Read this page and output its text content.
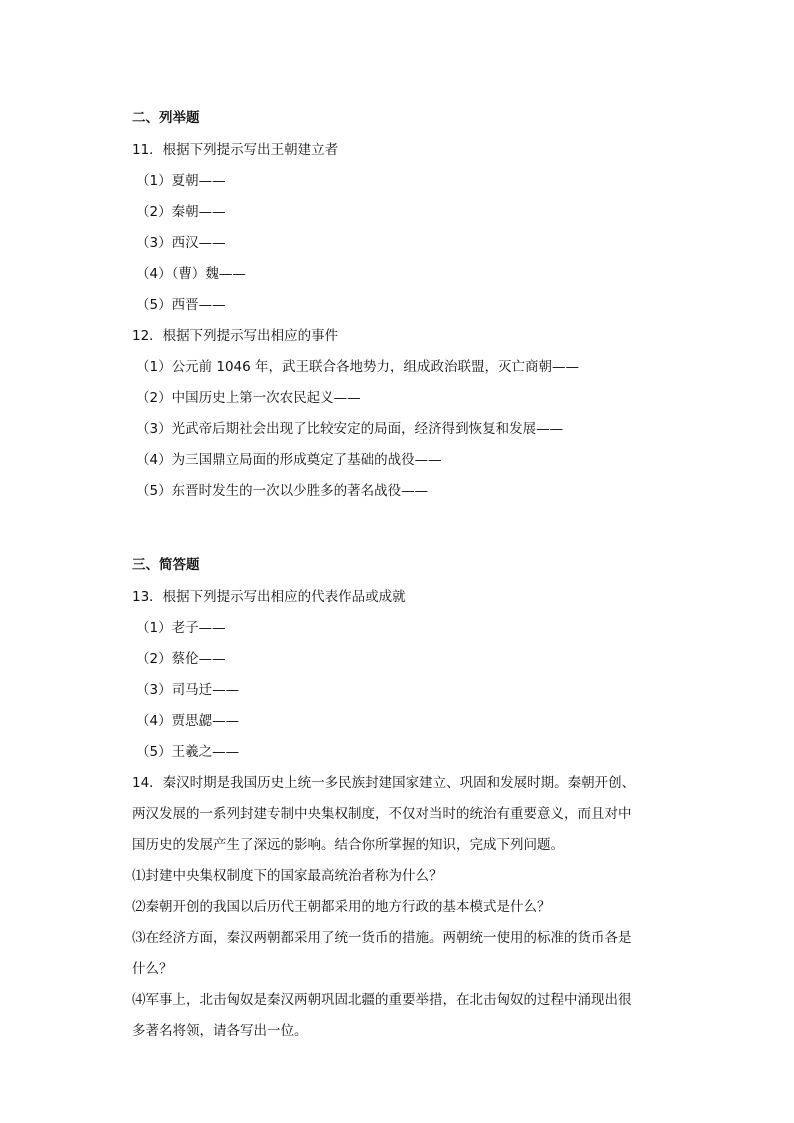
二、列举题
11．根据下列提示写出王朝建立者
（1）夏朝——
（2）秦朝——
（3）西汉——
（4）（曹）魏——
（5）西晋——
12．根据下列提示写出相应的事件
（1）公元前 1046 年，武王联合各地势力，组成政治联盟，灭亡商朝——
（2）中国历史上第一次农民起义——
（3）光武帝后期社会出现了比较安定的局面，经济得到恢复和发展——
（4）为三国鼎立局面的形成奠定了基础的战役——
（5）东晋时发生的一次以少胜多的著名战役——
三、简答题
13．根据下列提示写出相应的代表作品或成就
（1）老子——
（2）蔡伦——
（3）司马迁——
（4）贾思勰——
（5）王羲之——
14．秦汉时期是我国历史上统一多民族封建国家建立、巩固和发展时期。秦朝开创、
两汉发展的一系列封建专制中央集权制度，不仅对当时的统治有重要意义，而且对中
国历史的发展产生了深远的影响。结合你所掌握的知识，完成下列问题。
⑴封建中央集权制度下的国家最高统治者称为什么？
⑵秦朝开创的我国以后历代王朝都采用的地方行政的基本模式是什么？
⑶在经济方面，秦汉两朝都采用了统一货币的措施。两朝统一使用的标准的货币各是
什么？
⑷军事上，北击匈奴是秦汉两朝巩固北疆的重要举措，在北击匈奴的过程中涌现出很
多著名将领，请各写出一位。
